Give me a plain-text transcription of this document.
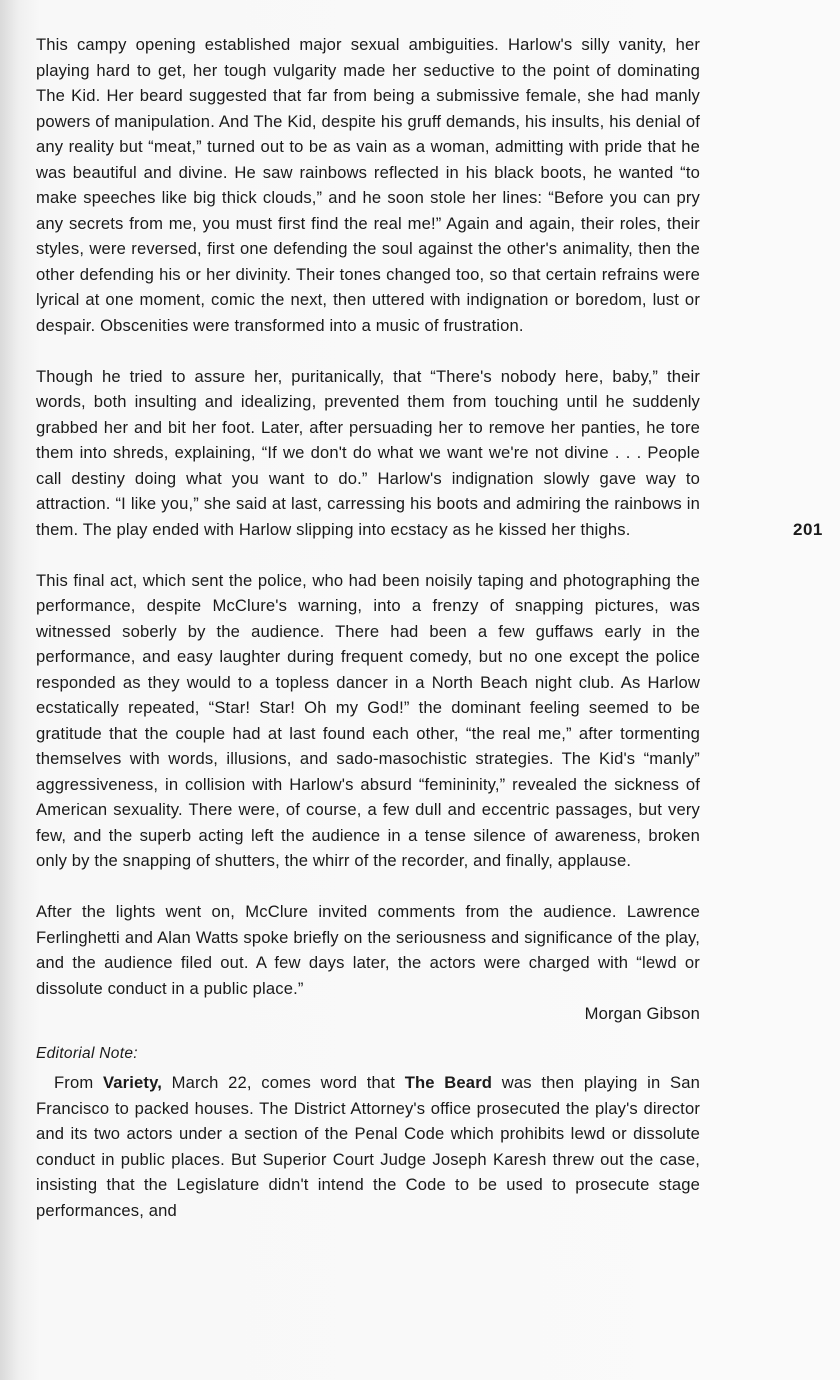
This campy opening established major sexual ambiguities. Harlow's silly vanity, her playing hard to get, her tough vulgarity made her seductive to the point of dominating The Kid. Her beard suggested that far from being a submissive female, she had manly powers of manipulation. And The Kid, despite his gruff demands, his insults, his denial of any reality but “meat,” turned out to be as vain as a woman, admitting with pride that he was beautiful and divine. He saw rainbows reflected in his black boots, he wanted “to make speeches like big thick clouds,” and he soon stole her lines: “Before you can pry any secrets from me, you must first find the real me!” Again and again, their roles, their styles, were reversed, first one defending the soul against the other's animality, then the other defending his or her divinity. Their tones changed too, so that certain refrains were lyrical at one moment, comic the next, then uttered with indignation or boredom, lust or despair. Obscenities were transformed into a music of frustration.

Though he tried to assure her, puritanically, that “There's nobody here, baby,” their words, both insulting and idealizing, prevented them from touching until he suddenly grabbed her and bit her foot. Later, after persuading her to remove her panties, he tore them into shreds, explaining, “If we don't do what we want we're not divine . . . People call destiny doing what you want to do.” Harlow's indignation slowly gave way to attraction. “I like you,” she said at last, carressing his boots and admiring the rainbows in them. The play ended with Harlow slipping into ecstacy as he kissed her thighs.

This final act, which sent the police, who had been noisily taping and photographing the performance, despite McClure's warning, into a frenzy of snapping pictures, was witnessed soberly by the audience. There had been a few guffaws early in the performance, and easy laughter during frequent comedy, but no one except the police responded as they would to a topless dancer in a North Beach night club. As Harlow ecstatically repeated, “Star! Star! Oh my God!” the dominant feeling seemed to be gratitude that the couple had at last found each other, “the real me,” after tormenting themselves with words, illusions, and sado-masochistic strategies. The Kid's “manly” aggressiveness, in collision with Harlow's absurd “femininity,” revealed the sickness of American sexuality. There were, of course, a few dull and eccentric passages, but very few, and the superb acting left the audience in a tense silence of awareness, broken only by the snapping of shutters, the whirr of the recorder, and finally, applause.

After the lights went on, McClure invited comments from the audience. Lawrence Ferlinghetti and Alan Watts spoke briefly on the seriousness and significance of the play, and the audience filed out. A few days later, the actors were charged with “lewd or dissolute conduct in a public place.”

Morgan Gibson
Editorial Note:

From Variety, March 22, comes word that The Beard was then playing in San Francisco to packed houses. The District Attorney's office prosecuted the play's director and its two actors under a section of the Penal Code which prohibits lewd or dissolute conduct in public places. But Superior Court Judge Joseph Karesh threw out the case, insisting that the Legislature didn't intend the Code to be used to prosecute stage performances, and

201
